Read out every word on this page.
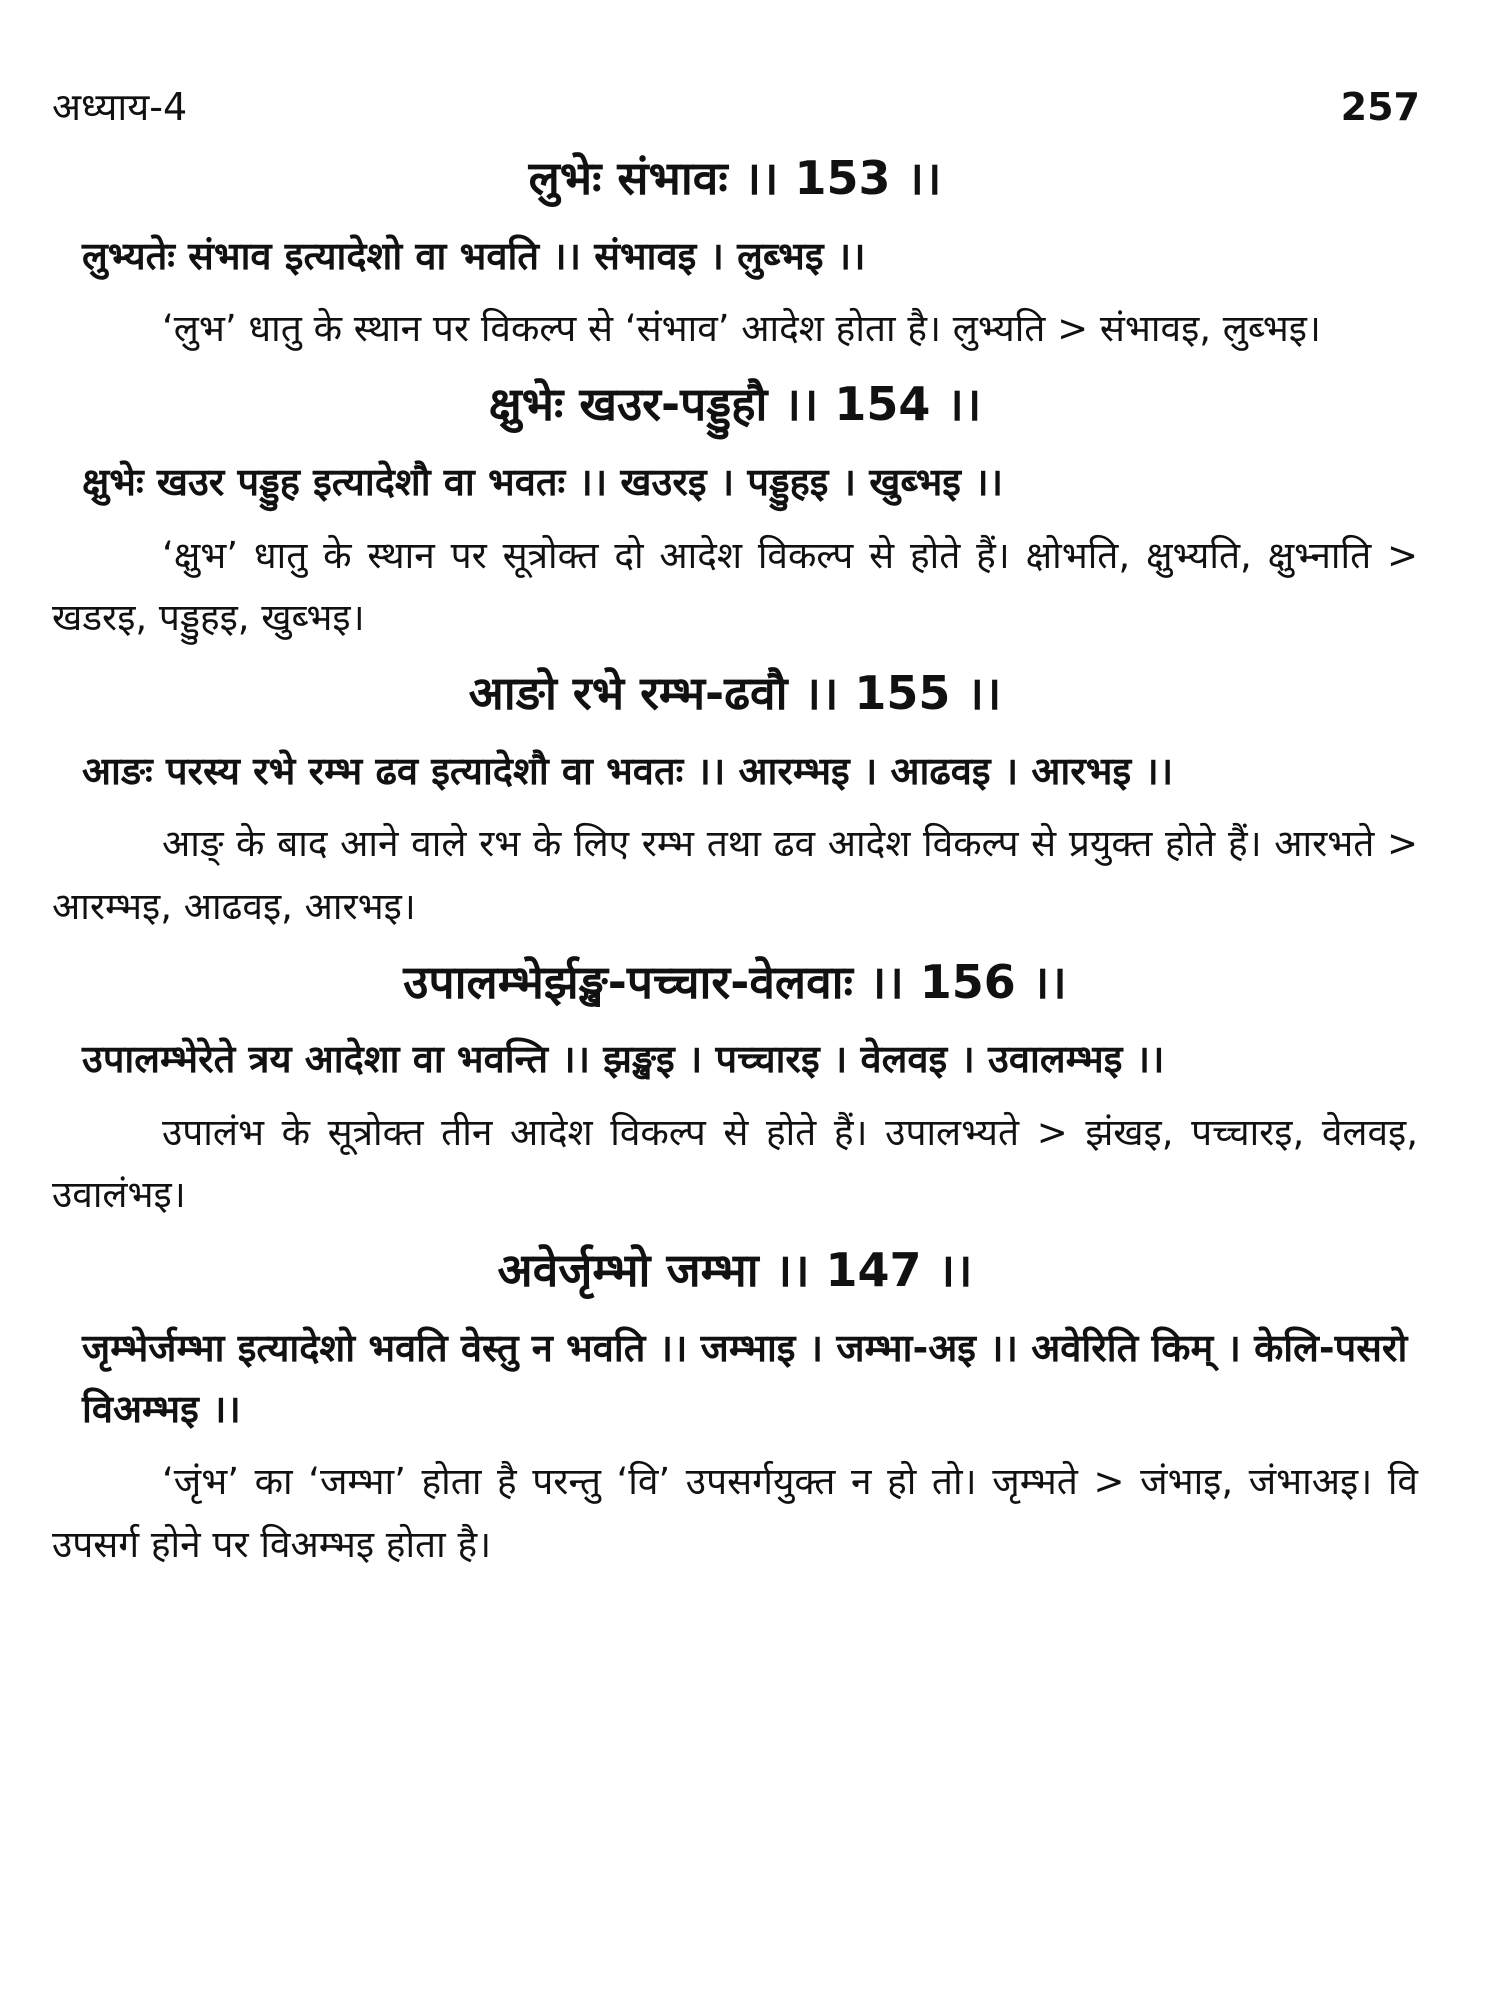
अध्याय-4	257
लुभेः संभावः ।। 153 ।।
लुभ्यतेः संभाव इत्यादेशो वा भवति ।। संभावइ । लुब्भइ ।।
‘लुभ’ धातु के स्थान पर विकल्प से ‘संभाव’ आदेश होता है। लुभ्यति > संभावइ, लुब्भइ।
क्षुभेः खउर-पड्डुहौ ।। 154 ।।
क्षुभेः खउर पड्डुह इत्यादेशौ वा भवतः ।। खउरइ । पड्डुहइ । खुब्भइ ।।
‘क्षुभ’ धातु के स्थान पर सूत्रोक्त दो आदेश विकल्प से होते हैं। क्षोभति, क्षुभ्यति, क्षुभ्नाति > खडरइ, पड्डुहइ, खुब्भइ।
आङो रभे रम्भ-ढवौ ।। 155 ।।
आङः परस्य रभे रम्भ ढव इत्यादेशौ वा भवतः ।। आरम्भइ । आढवइ । आरभइ ।।
आङ् के बाद आने वाले रभ के लिए रम्भ तथा ढव आदेश विकल्प से प्रयुक्त होते हैं। आरभते > आरम्भइ, आढवइ, आरभइ।
उपालम्भेर्झङ्ख-पच्चार-वेलवाः ।। 156 ।।
उपालम्भेरेते त्रय आदेशा वा भवन्ति ।। झङ्खइ । पच्चारइ । वेलवइ । उवालम्भइ ।।
उपालंभ के सूत्रोक्त तीन आदेश विकल्प से होते हैं। उपालभ्यते > झंखइ, पच्चारइ, वेलवइ, उवालंभइ।
अवेर्जृम्भो जम्भा ।। 147 ।।
जृम्भेर्जम्भा इत्यादेशो भवति वेस्तु न भवति ।। जम्भाइ । जम्भा-अइ ।। अवेरिति किम् । केलि-पसरो विअम्भइ ।।
‘जृंभ’ का ‘जम्भा’ होता है परन्तु ‘वि’ उपसर्गयुक्त न हो तो। जृम्भते > जंभाइ, जंभाअइ। वि उपसर्ग होने पर विअम्भइ होता है।
